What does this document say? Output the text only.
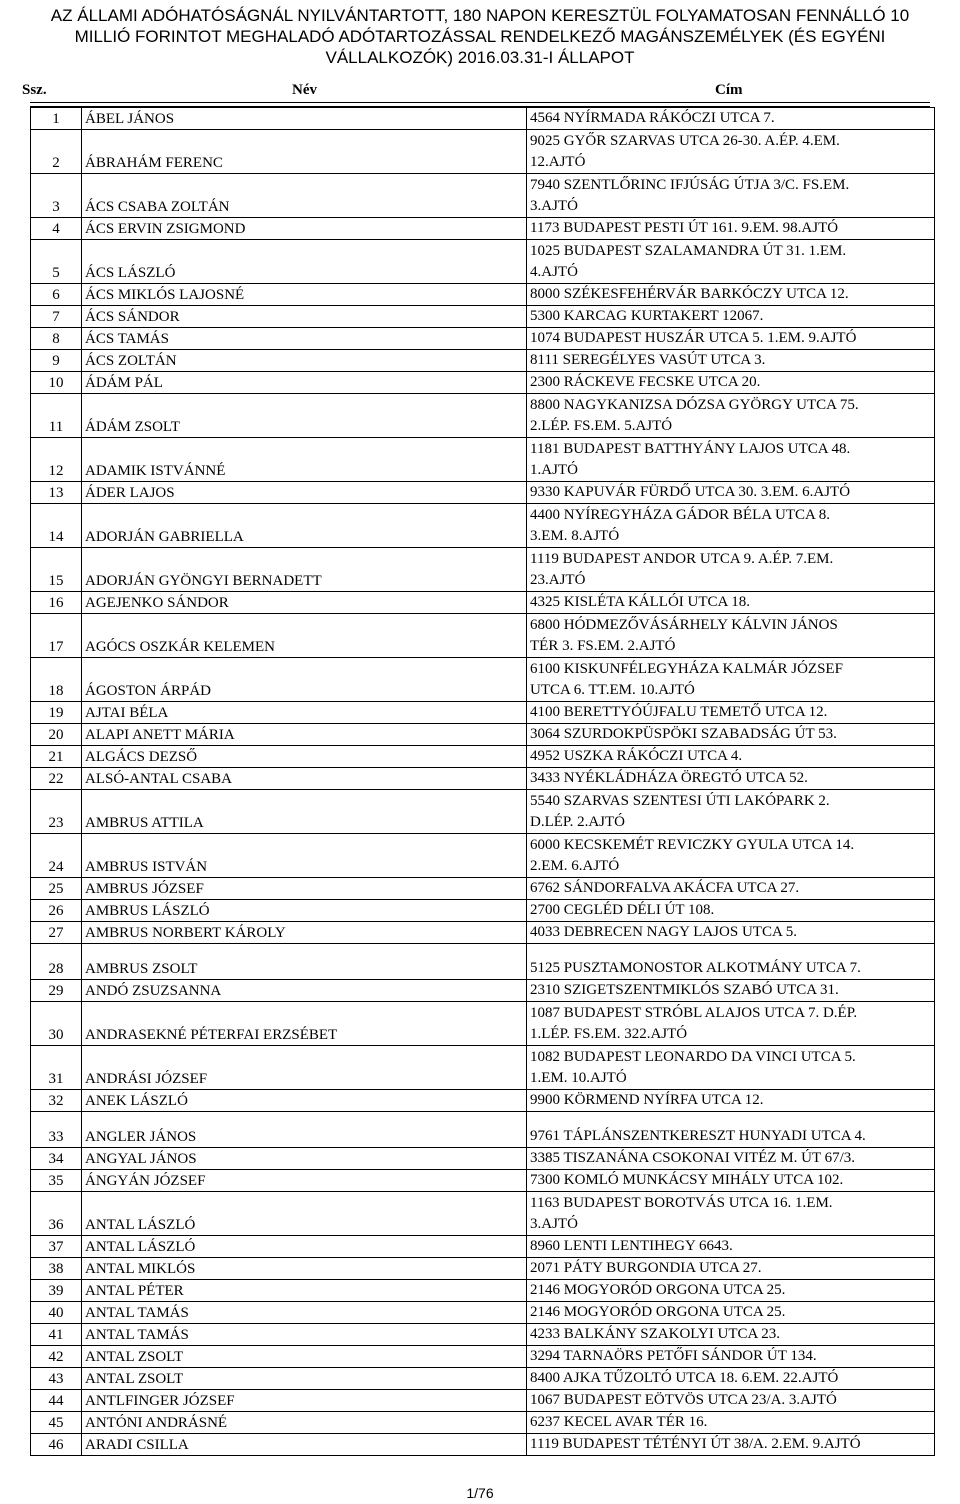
AZ ÁLLAMI ADÓHATÓSÁGNÁL NYILVÁNTARTOTT, 180 NAPON KERESZTÜL FOLYAMATOSAN FENNÁLLÓ 10
MILLIÓ FORINTOT MEGHALADÓ ADÓTARTOZÁSSAL RENDELKEZŐ MAGÁNSZEMÉLYEK (ÉS EGYÉNI
VÁLLALKOZÓK) 2016.03.31-I ÁLLAPOT
Ssz.	Név	Cím
1	ÁBEL JÁNOS	4564 NYÍRMADA RÁKÓCZI UTCA 7.
2	ÁBRAHÁM FERENC	9025 GYŐR SZARVAS UTCA 26-30. A.ÉP. 4.EM.
12.AJTÓ
3	ÁCS CSABA ZOLTÁN	7940 SZENTLŐRINC IFJÚSÁG ÚTJA 3/C. FS.EM.
3.AJTÓ
4	ÁCS ERVIN ZSIGMOND	1173 BUDAPEST PESTI ÚT 161. 9.EM. 98.AJTÓ
5	ÁCS LÁSZLÓ	1025 BUDAPEST SZALAMANDRA ÚT 31. 1.EM.
4.AJTÓ
6	ÁCS MIKLÓS LAJOSNÉ	8000 SZÉKESFEHÉRVÁR BARKÓCZY UTCA 12.
7	ÁCS SÁNDOR	5300 KARCAG KURTAKERT 12067.
8	ÁCS TAMÁS	1074 BUDAPEST HUSZÁR UTCA 5. 1.EM. 9.AJTÓ
9	ÁCS ZOLTÁN	8111 SEREGÉLYES VASÚT UTCA 3.
10	ÁDÁM PÁL	2300 RÁCKEVE FECSKE UTCA 20.
11	ÁDÁM ZSOLT	8800 NAGYKANIZSA DÓZSA GYÖRGY UTCA 75.
2.LÉP. FS.EM. 5.AJTÓ
12	ADAMIK ISTVÁNNÉ	1181 BUDAPEST BATTHYÁNY LAJOS UTCA 48.
1.AJTÓ
13	ÁDER LAJOS	9330 KAPUVÁR FÜRDŐ UTCA 30. 3.EM. 6.AJTÓ
14	ADORJÁN GABRIELLA	4400 NYÍREGYHÁZA GÁDOR BÉLA UTCA 8.
3.EM. 8.AJTÓ
15	ADORJÁN GYÖNGYI BERNADETT	1119 BUDAPEST ANDOR UTCA 9. A.ÉP. 7.EM.
23.AJTÓ
16	AGEJENKO SÁNDOR	4325 KISLÉTA KÁLLÓI UTCA 18.
17	AGÓCS OSZKÁR KELEMEN	6800 HÓDMEZŐVÁSÁRHELY KÁLVIN JÁNOS
TÉR 3. FS.EM. 2.AJTÓ
18	ÁGOSTON ÁRPÁD	6100 KISKUNFÉLEGYHÁZA KALMÁR JÓZSEF
UTCA 6. TT.EM. 10.AJTÓ
19	AJTAI BÉLA	4100 BERETTYÓÚJFALU TEMETŐ UTCA 12.
20	ALAPI ANETT MÁRIA	3064 SZURDOKPÜSPÖKI SZABADSÁG ÚT 53.
21	ALGÁCS DEZSŐ	4952 USZKA RÁKÓCZI UTCA 4.
22	ALSÓ-ANTAL CSABA	3433 NYÉKLÁDHÁZA ÖREGTÓ UTCA 52.
23	AMBRUS ATTILA	5540 SZARVAS SZENTESI ÚTI LAKÓPARK 2.
D.LÉP. 2.AJTÓ
24	AMBRUS ISTVÁN	6000 KECSKEMÉT REVICZKY GYULA UTCA 14.
2.EM. 6.AJTÓ
25	AMBRUS JÓZSEF	6762 SÁNDORFALVA AKÁCFA UTCA 27.
26	AMBRUS LÁSZLÓ	2700 CEGLÉD DÉLI ÚT 108.
27	AMBRUS NORBERT KÁROLY	4033 DEBRECEN NAGY LAJOS UTCA 5.
28	AMBRUS ZSOLT	5125 PUSZTAMONOSTOR ALKOTMÁNY UTCA 7.
29	ANDÓ ZSUZSANNA	2310 SZIGETSZENTMIKLÓS SZABÓ UTCA 31.
30	ANDRASEKNÉ PÉTERFAI ERZSÉBET	1087 BUDAPEST STRÓBL ALAJOS UTCA 7. D.ÉP.
1.LÉP. FS.EM. 322.AJTÓ
31	ANDRÁSI JÓZSEF	1082 BUDAPEST LEONARDO DA VINCI UTCA 5.
1.EM. 10.AJTÓ
32	ANEK LÁSZLÓ	9900 KÖRMEND NYÍRFA UTCA 12.
33	ANGLER JÁNOS	9761 TÁPLÁNSZENTKERESZT HUNYADI UTCA 4.
34	ANGYAL JÁNOS	3385 TISZANÁNA CSOKONAI VITÉZ M. ÚT 67/3.
35	ÁNGYÁN JÓZSEF	7300 KOMLÓ MUNKÁCSY MIHÁLY UTCA 102.
36	ANTAL LÁSZLÓ	1163 BUDAPEST BOROTVÁS UTCA 16. 1.EM.
3.AJTÓ
37	ANTAL LÁSZLÓ	8960 LENTI LENTIHEGY 6643.
38	ANTAL MIKLÓS	2071 PÁTY BURGONDIA UTCA 27.
39	ANTAL PÉTER	2146 MOGYORÓD ORGONA UTCA 25.
40	ANTAL TAMÁS	2146 MOGYORÓD ORGONA UTCA 25.
41	ANTAL TAMÁS	4233 BALKÁNY SZAKOLYI UTCA 23.
42	ANTAL ZSOLT	3294 TARNAÖRS PETŐFI SÁNDOR ÚT 134.
43	ANTAL ZSOLT	8400 AJKA TŰZOLTÓ UTCA 18. 6.EM. 22.AJTÓ
44	ANTLFINGER JÓZSEF	1067 BUDAPEST EÖTVÖS UTCA 23/A. 3.AJTÓ
45	ANTÓNI ANDRÁSNÉ	6237 KECEL AVAR TÉR 16.
46	ARADI CSILLA	1119 BUDAPEST TÉTÉNYI ÚT 38/A. 2.EM. 9.AJTÓ
1/76
